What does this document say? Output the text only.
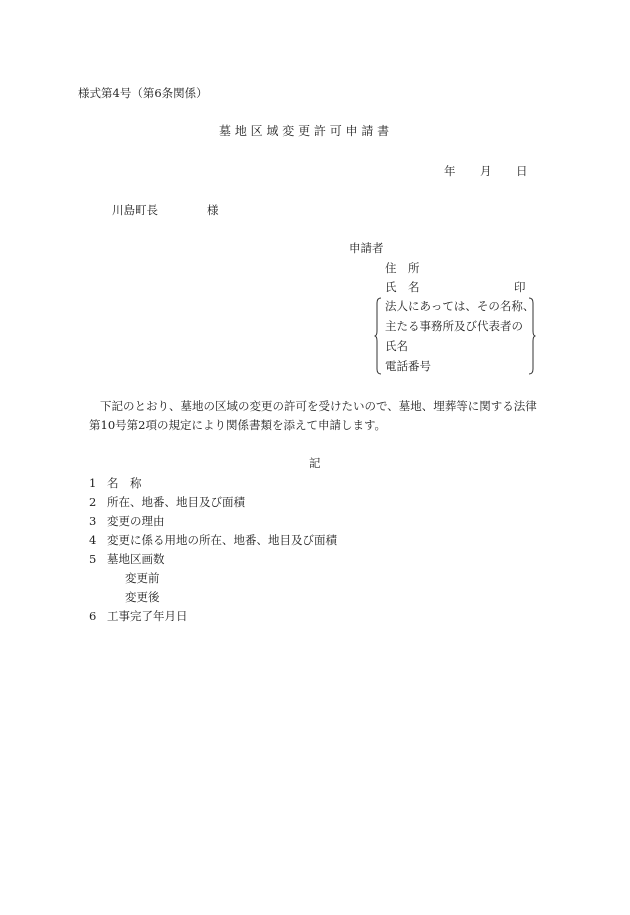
様式第4号（第6条関係）
墓 地 区 域 変 更 許 可 申 請 書
年 月 日
川島町長	様
申請者
住　所
氏　名	印
法人にあっては、その名称、
主たる事務所及び代表者の
氏名
電話番号
下記のとおり、墓地の区域の変更の許可を受けたいので、墓地、埋葬等に関する法律
第10号第2項の規定により関係書類を添えて申請します。
記
1 名　称
2 所在、地番、地目及び面積
3 変更の理由
4 変更に係る用地の所在、地番、地目及び面積
5 墓地区画数
変更前
変更後
6 工事完了年月日
